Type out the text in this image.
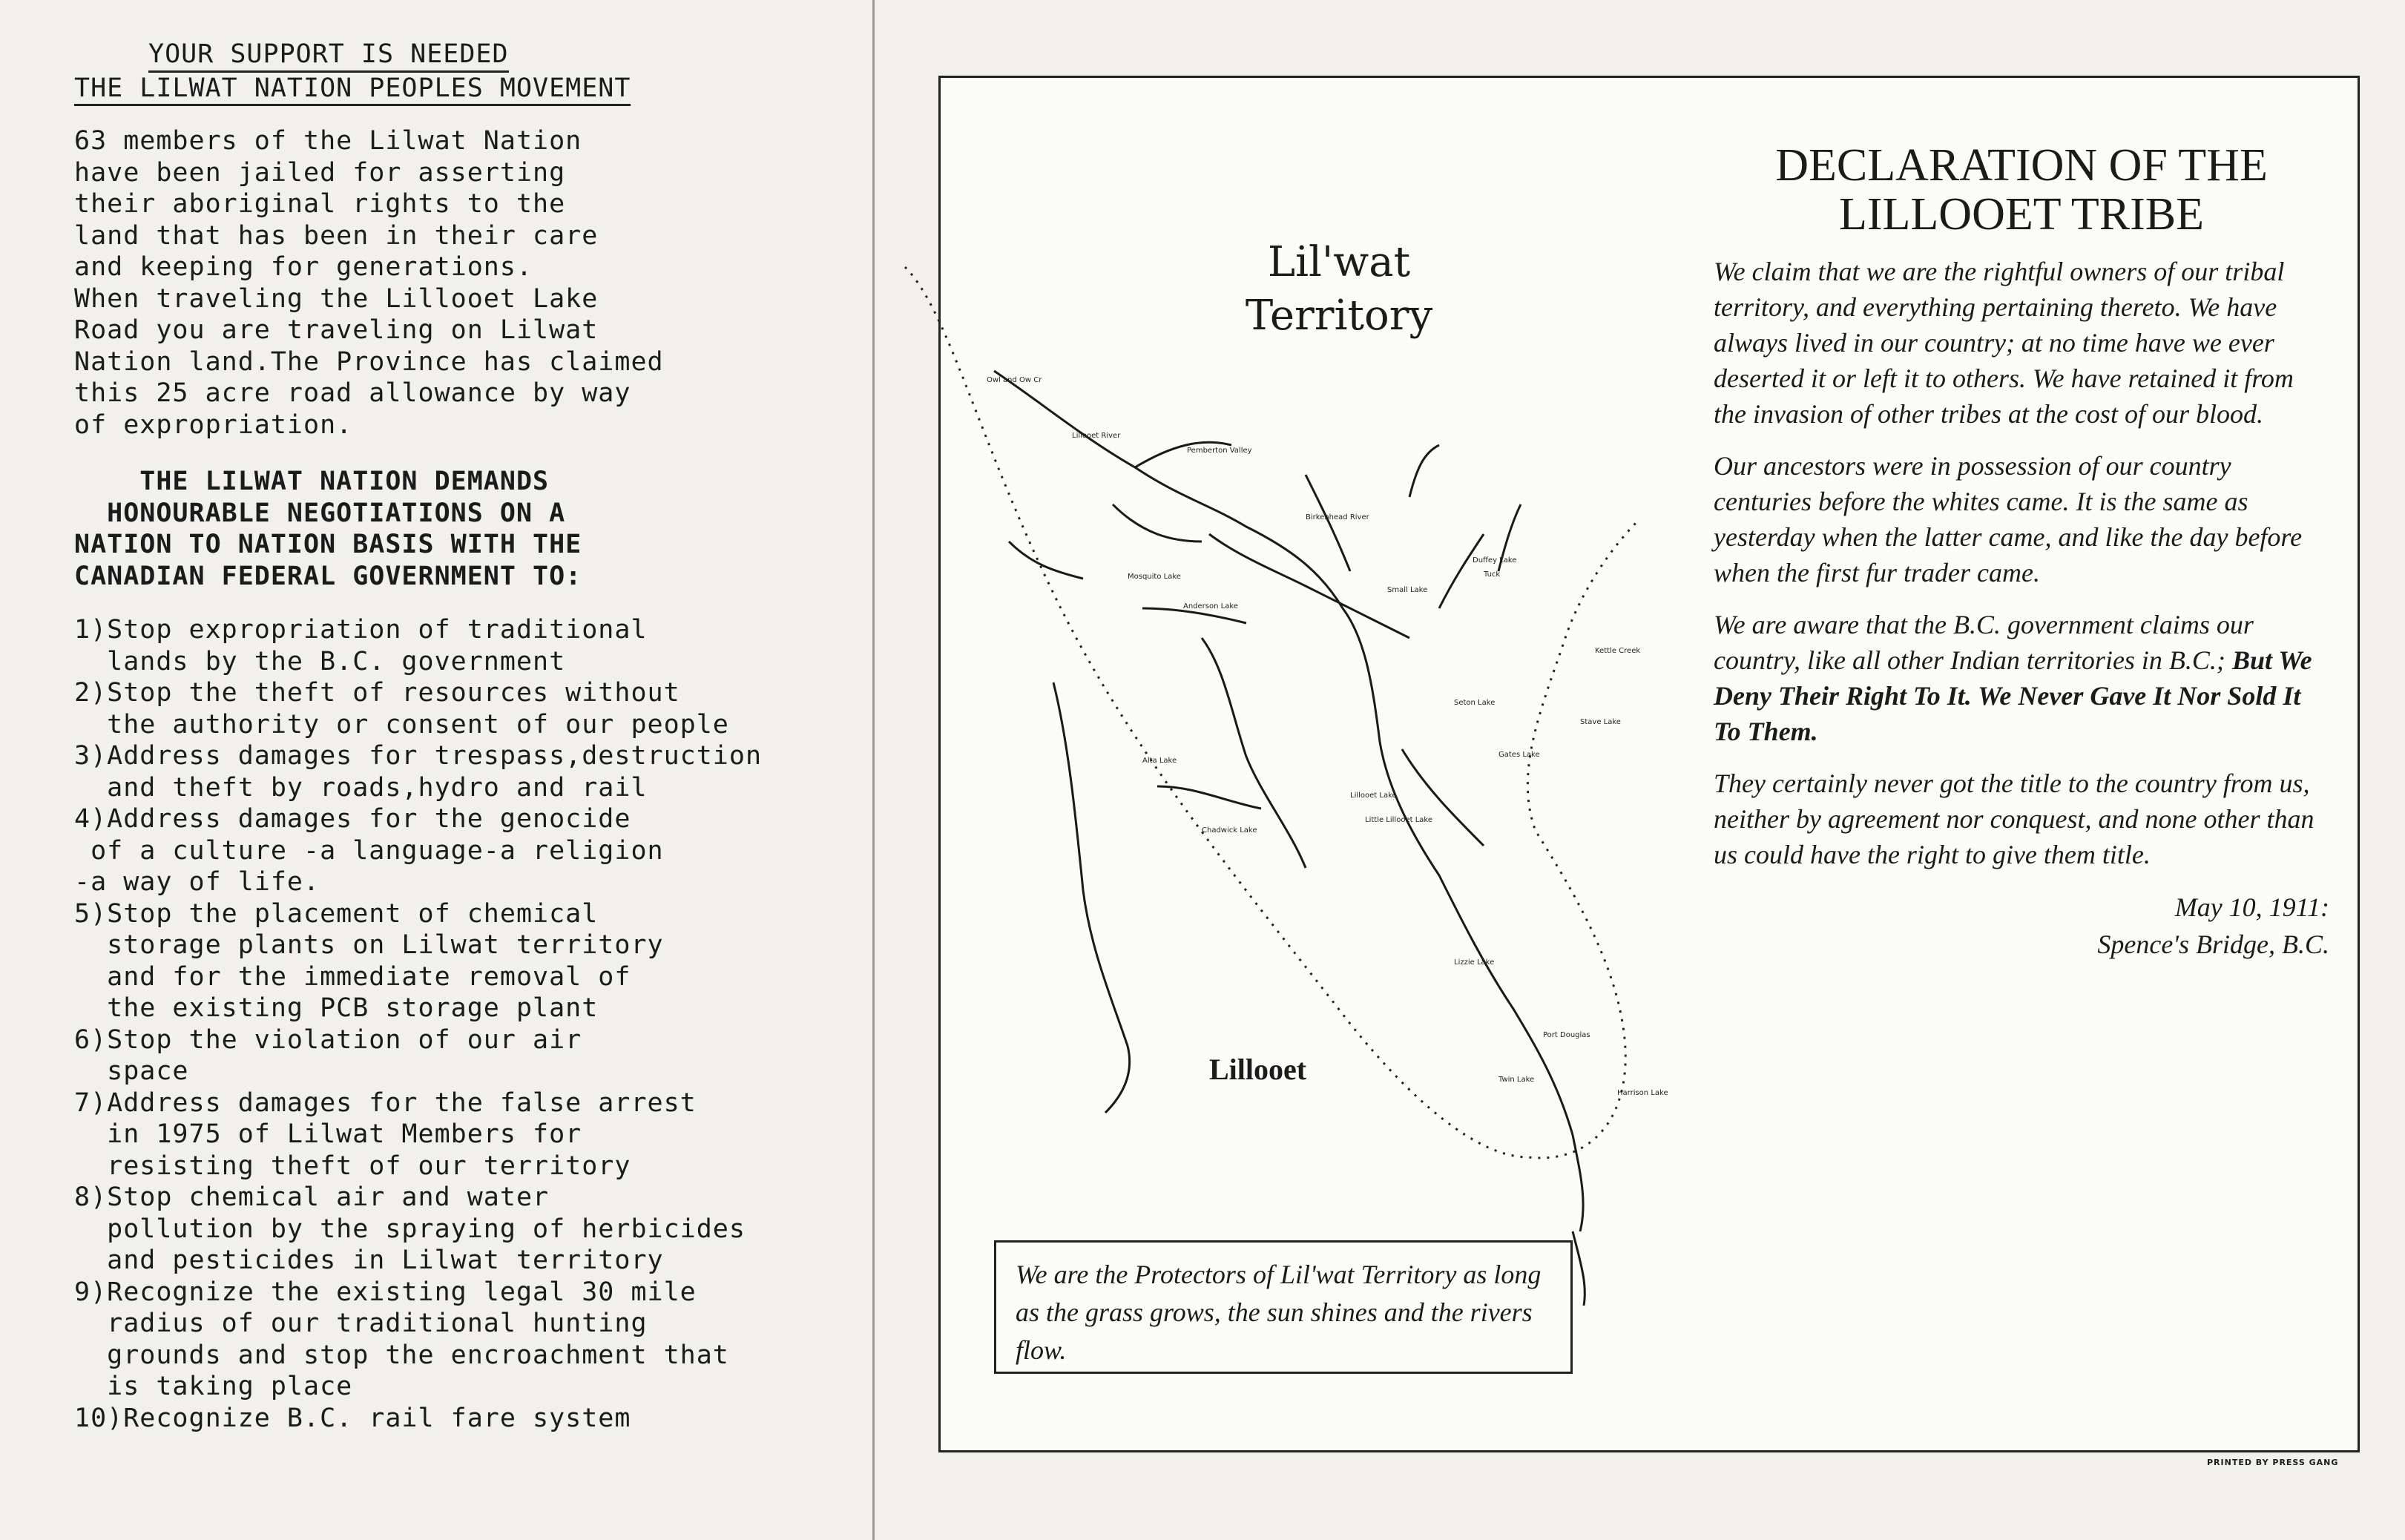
YOUR SUPPORT IS NEEDED
THE LILWAT NATION PEOPLES MOVEMENT
63 members of the Lilwat Nation
have been jailed for asserting
their aboriginal rights to the
land that has been in their care
and keeping for generations.
When traveling the Lillooet Lake
Road you are traveling on Lilwat
Nation land.The Province has claimed
this 25 acre road allowance by way
of expropriation.
THE LILWAT NATION DEMANDS
HONOURABLE NEGOTIATIONS ON A
NATION TO NATION BASIS WITH THE
CANADIAN FEDERAL GOVERNMENT TO:
1)Stop expropriation of traditional
lands by the B.C. government
2)Stop the theft of resources without
the authority or consent of our people
3)Address damages for trespass,destruction
and theft by roads,hydro and rail
4)Address damages for the genocide
of a culture -a language-a religion
-a way of life.
5)Stop the placement of chemical
storage plants on Lilwat territory
and for the immediate removal of
the existing PCB storage plant
6)Stop the violation of our air
space
7)Address damages for the false arrest
in 1975 of Lilwat Members for
resisting theft of our territory
8)Stop chemical air and water
pollution by the spraying of herbicides
and pesticides in Lilwat territory
9)Recognize the existing legal 30 mile
radius of our traditional hunting
grounds and stop the encroachment that
is taking place
10)Recognize B.C. rail fare system
Owl and Ow Cr
Lillooet River
Pemberton Valley
Birkenhead River
Mosquito Lake
Duffey Lake
Tuck
Small Lake
Anderson Lake
Seton Lake
Lillooet Lake
Kettle Creek
Gates Lake
Alta Lake
Chadwick Lake
Little Lillooet Lake
Lizzie Lake
Port Douglas
Twin Lake
Harrison Lake
Stave Lake
Lil'wat
Territory
Lillooet
DECLARATION OF THE LILLOOET TRIBE

We claim that we are the rightful owners of our tribal territory, and everything pertaining thereto. We have always lived in our country; at no time have we ever deserted it or left it to others. We have retained it from the invasion of other tribes at the cost of our blood.

Our ancestors were in possession of our country centuries before the whites came. It is the same as yesterday when the latter came, and like the day before when the first fur trader came.

We are aware that the B.C. government claims our country, like all other Indian territories in B.C.; But We Deny Their Right To It. We Never Gave It Nor Sold It To Them.

They certainly never got the title to the country from us, neither by agreement nor conquest, and none other than us could have the right to give them title.

May 10, 1911:
Spence's Bridge, B.C.
We are the Protectors of Lil'wat Territory as long as the grass grows, the sun shines and the rivers flow.
PRINTED BY PRESS GANG
